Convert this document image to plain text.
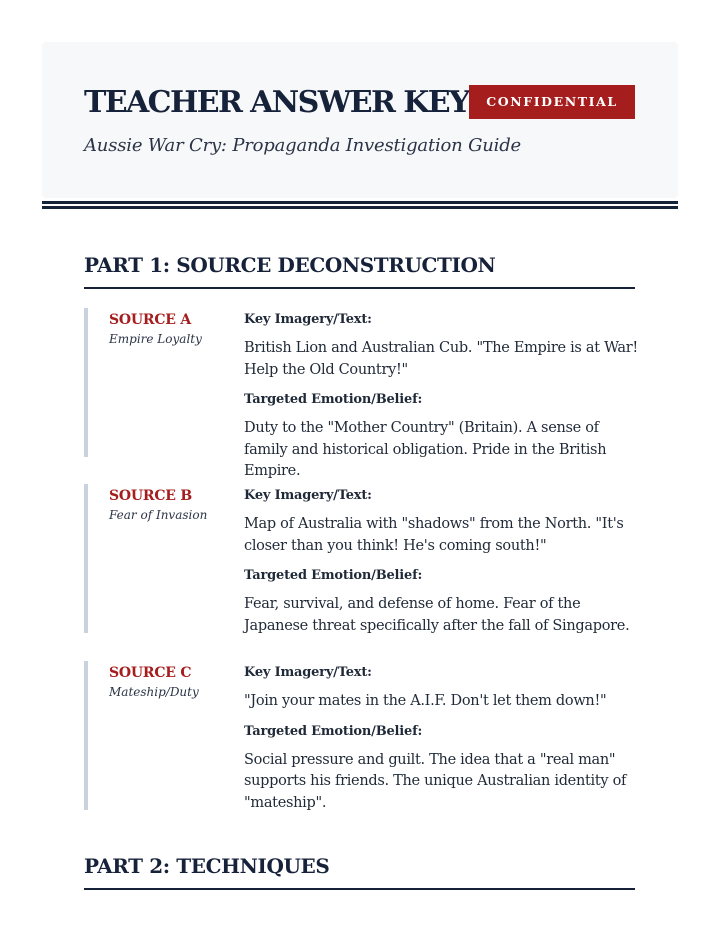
TEACHER ANSWER KEY	CONFIDENTIAL

Aussie War Cry: Propaganda Investigation Guide

PART 1: SOURCE DECONSTRUCTION
SOURCE A
Empire Loyalty
Key Imagery/Text:

British Lion and Australian Cub. "The Empire is at War! Help the Old Country!"

Targeted Emotion/Belief:

Duty to the "Mother Country" (Britain). A sense of family and historical obligation. Pride in the British Empire.

SOURCE B
Fear of Invasion
Key Imagery/Text:

Map of Australia with "shadows" from the North. "It's closer than you think! He's coming south!"

Targeted Emotion/Belief:

Fear, survival, and defense of home. Fear of the Japanese threat specifically after the fall of Singapore.

SOURCE C
Mateship/Duty
Key Imagery/Text:

"Join your mates in the A.I.F. Don't let them down!"

Targeted Emotion/Belief:

Social pressure and guilt. The idea that a "real man" supports his friends. The unique Australian identity of "mateship".

PART 2: TECHNIQUES
